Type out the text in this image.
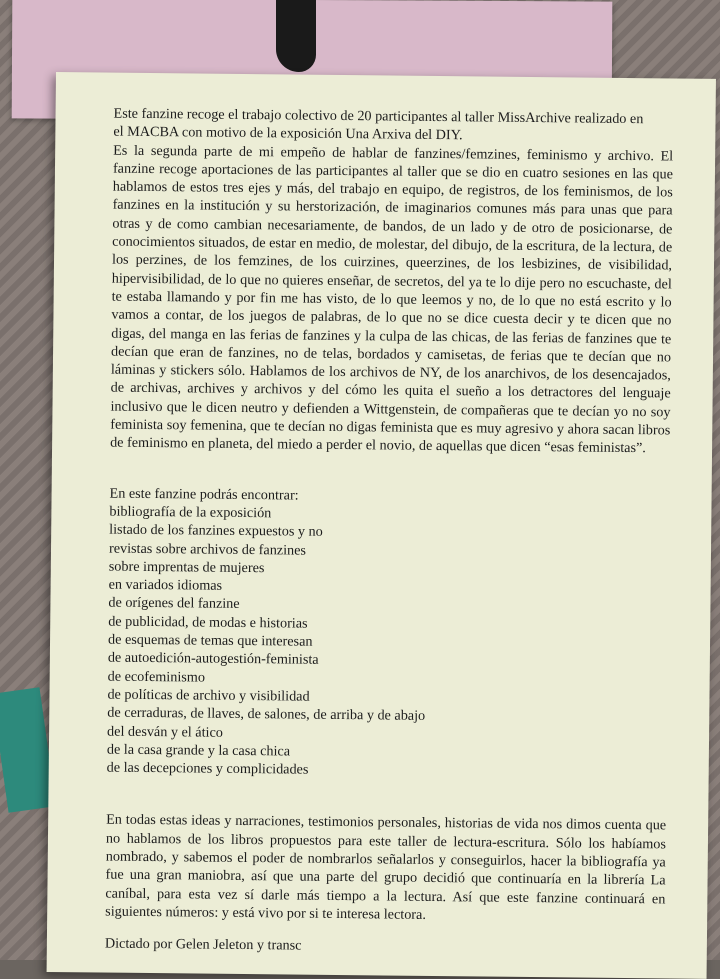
Este fanzine recoge el trabajo colectivo de 20 participantes al taller MissArchive realizado en
el MACBA con motivo de la exposición Una Arxiva del DIY.

Es la segunda parte de mi empeño de hablar de fanzines/femzines, feminismo y archivo. El fanzine recoge aportaciones de las participantes al taller que se dio en cuatro sesiones en las que hablamos de estos tres ejes y más, del trabajo en equipo, de registros, de los feminismos, de los fanzines en la institución y su herstorización, de imaginarios comunes más para unas que para otras y de como cambian necesariamente, de bandos, de un lado y de otro de posicionarse, de conocimientos situados, de estar en medio, de molestar, del dibujo, de la escritura, de la lectura, de los perzines, de los femzines, de los cuirzines, queerzines, de los lesbizines, de visibilidad, hipervisibilidad, de lo que no quieres enseñar, de secretos, del ya te lo dije pero no escuchaste, del te estaba llamando y por fin me has visto, de lo que leemos y no, de lo que no está escrito y lo vamos a contar, de los juegos de palabras, de lo que no se dice cuesta decir y te dicen que no digas, del manga en las ferias de fanzines y la culpa de las chicas, de las ferias de fanzines que te decían que eran de fanzines, no de telas, bordados y camisetas, de ferias que te decían que no láminas y stickers sólo. Hablamos de los archivos de NY, de los anarchivos, de los desencajados, de archivas, archives y archivos y del cómo les quita el sueño a los detractores del lenguaje inclusivo que le dicen neutro y defienden a Wittgenstein, de compañeras que te decían yo no soy feminista soy femenina, que te decían no digas feminista que es muy agresivo y ahora sacan libros de feminismo en planeta, del miedo a perder el novio, de aquellas que dicen “esas feministas”.

En este fanzine podrás encontrar:

bibliografía de la exposición
listado de los fanzines expuestos y no
revistas sobre archivos de fanzines
sobre imprentas de mujeres
en variados idiomas
de orígenes del fanzine
de publicidad, de modas e historias
de esquemas de temas que interesan
de autoedición-autogestión-feminista
de ecofeminismo
de políticas de archivo y visibilidad
de cerraduras, de llaves, de salones, de arriba y de abajo
del desván y el ático
de la casa grande y la casa chica
de las decepciones y complicidades

En todas estas ideas y narraciones, testimonios personales, historias de vida nos dimos cuenta que no hablamos de los libros propuestos para este taller de lectura-escritura. Sólo los habíamos nombrado, y sabemos el poder de nombrarlos señalarlos y conseguirlos, hacer la bibliografía ya fue una gran maniobra, así que una parte del grupo decidió que continuaría en la librería La caníbal, para esta vez sí darle más tiempo a la lectura. Así que este fanzine continuará en siguientes números: y está vivo por si te interesa lectora.

Dictado por Gelen Jeleton y transc
